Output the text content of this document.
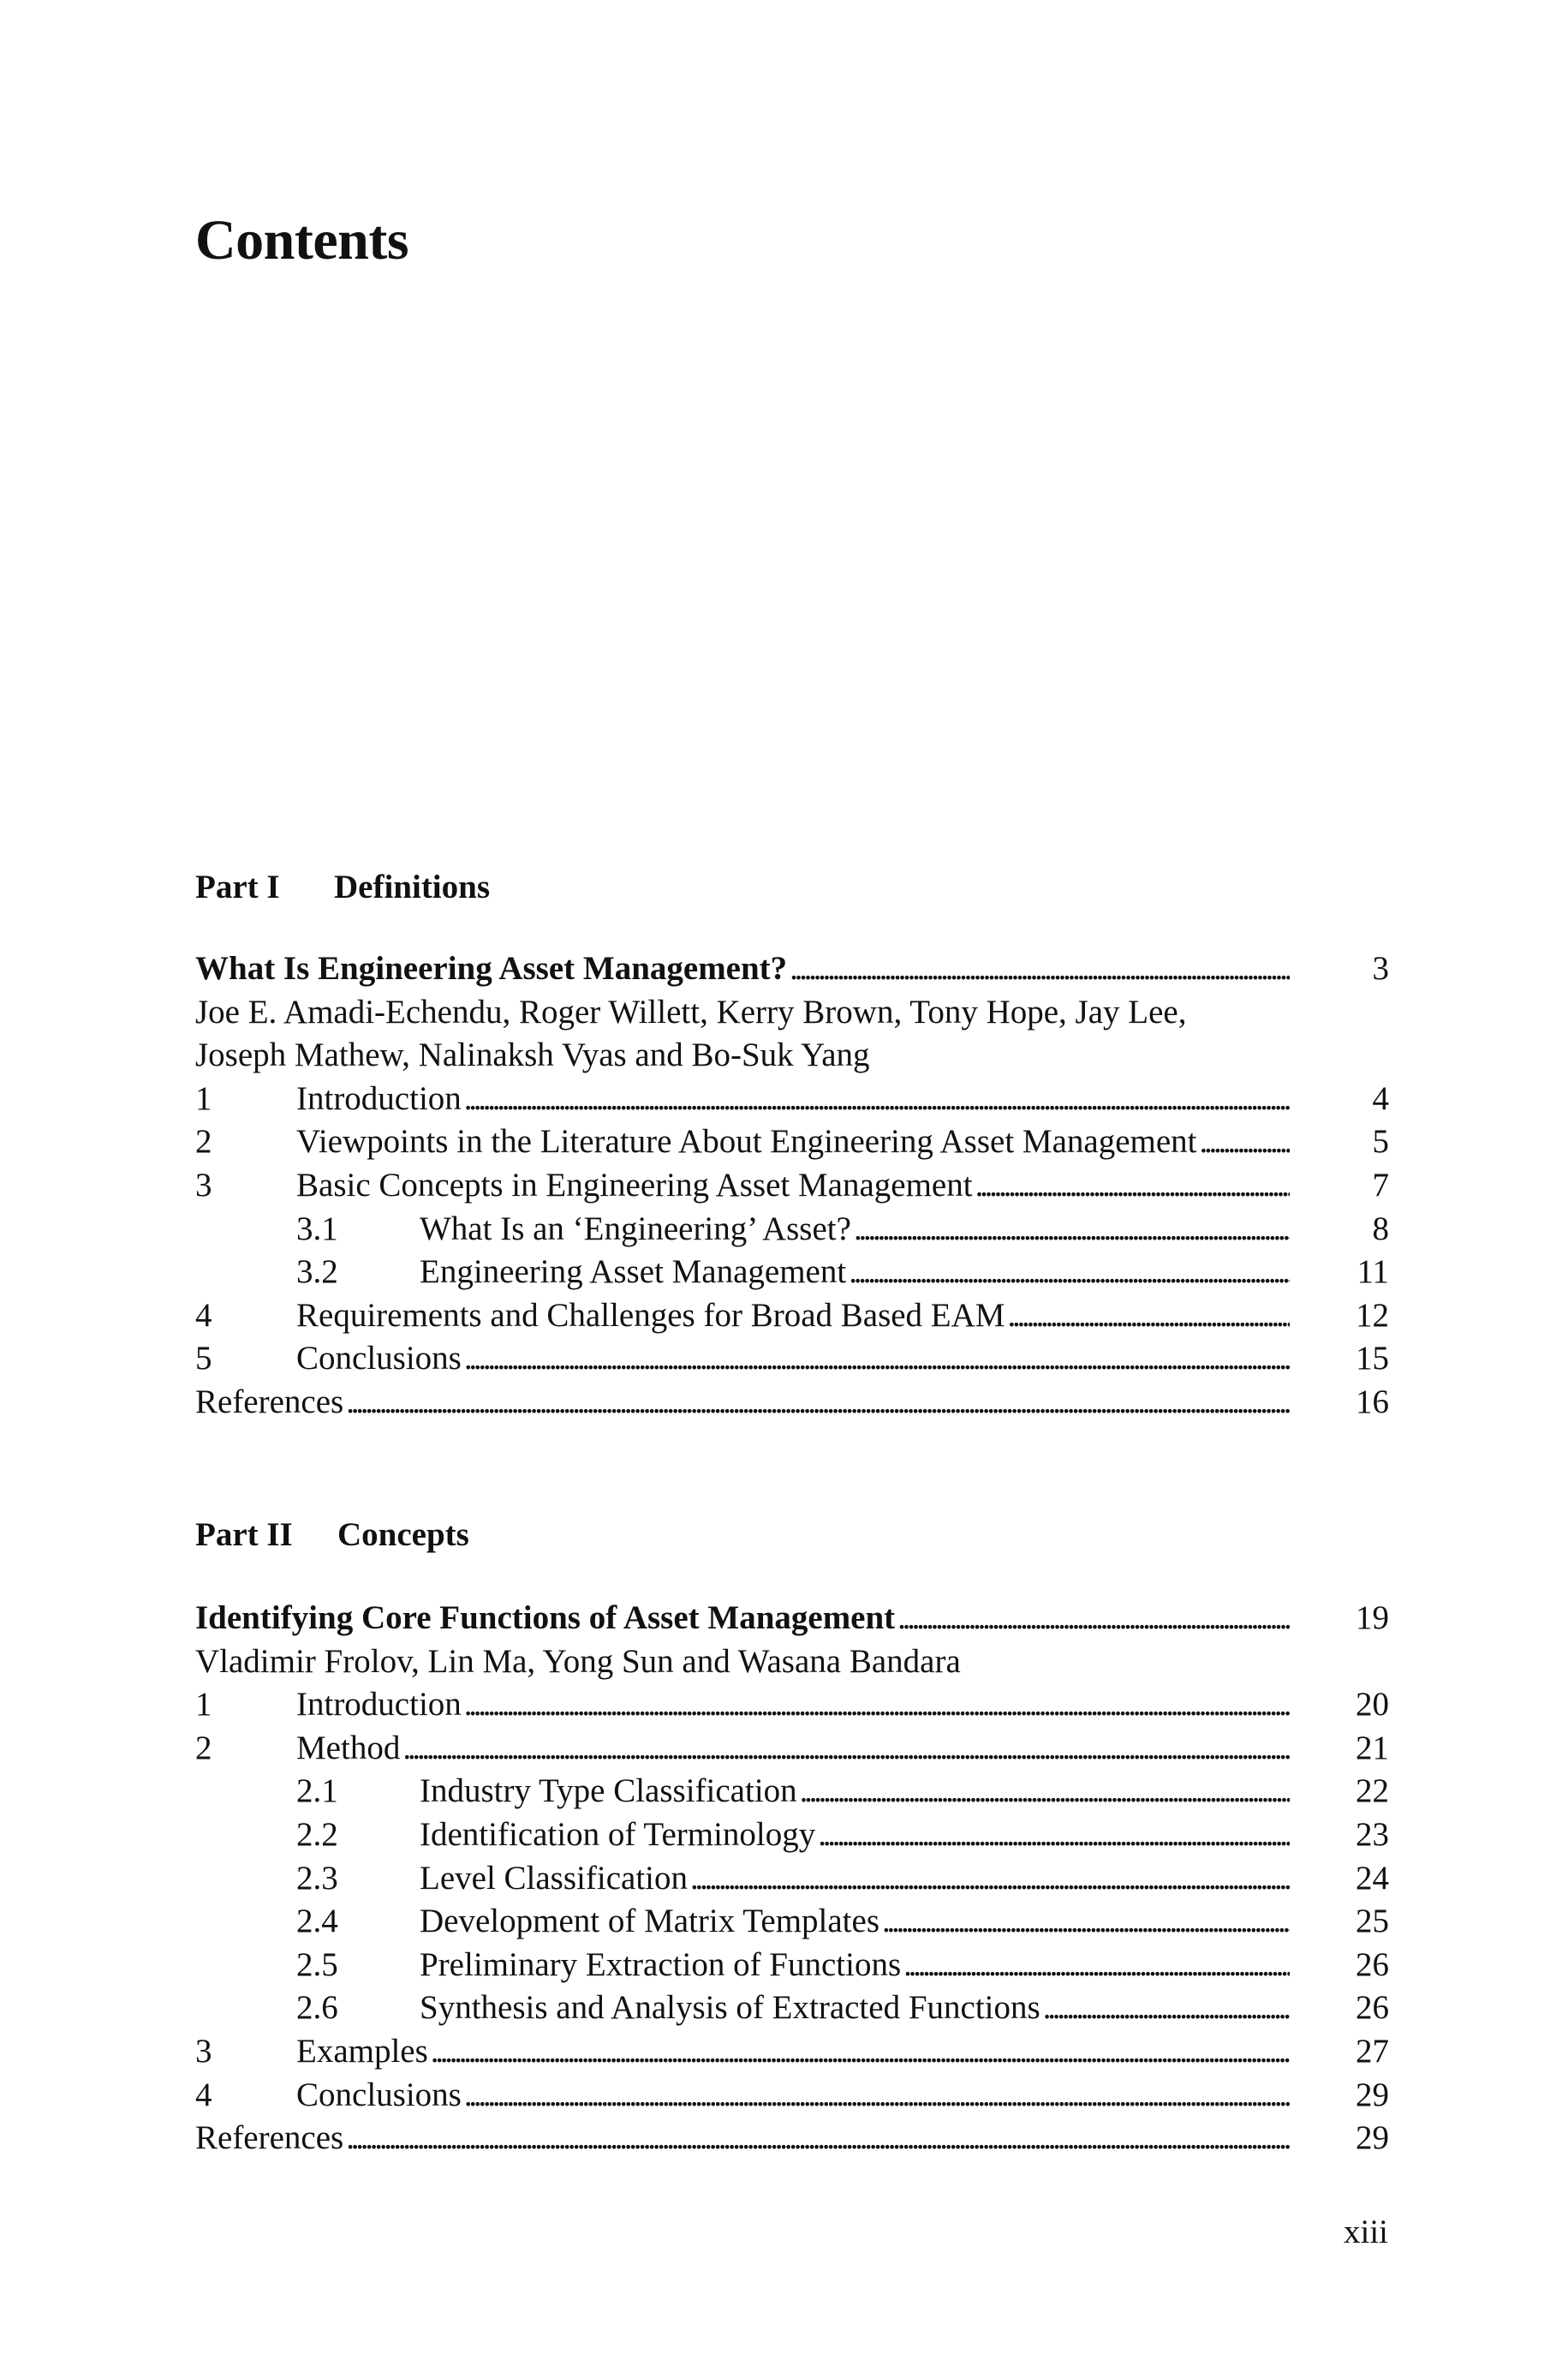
Contents
Part I Definitions
What Is Engineering Asset Management? . . .	3
Joe E. Amadi-Echendu, Roger Willett, Kerry Brown, Tony Hope, Jay Lee,
Joseph Mathew, Nalinaksh Vyas and Bo-Suk Yang
1	Introduction . . .	4
2	Viewpoints in the Literature About Engineering Asset Management . . .	5
3	Basic Concepts in Engineering Asset Management . . .	7
3.1 What Is an ‘Engineering’ Asset? . . .	8
3.2 Engineering Asset Management . . .	11
4	Requirements and Challenges for Broad Based EAM . . .	12
5	Conclusions . . .	15
References . . .	16
Part II Concepts
Identifying Core Functions of Asset Management . . .	19
Vladimir Frolov, Lin Ma, Yong Sun and Wasana Bandara
1	Introduction . . .	20
2	Method . . .	21
2.1 Industry Type Classification . . .	22
2.2 Identification of Terminology . . .	23
2.3 Level Classification . . .	24
2.4 Development of Matrix Templates . . .	25
2.5 Preliminary Extraction of Functions . . .	26
2.6 Synthesis and Analysis of Extracted Functions . . .	26
3	Examples . . .	27
4	Conclusions . . .	29
References . . .	29
xiii
